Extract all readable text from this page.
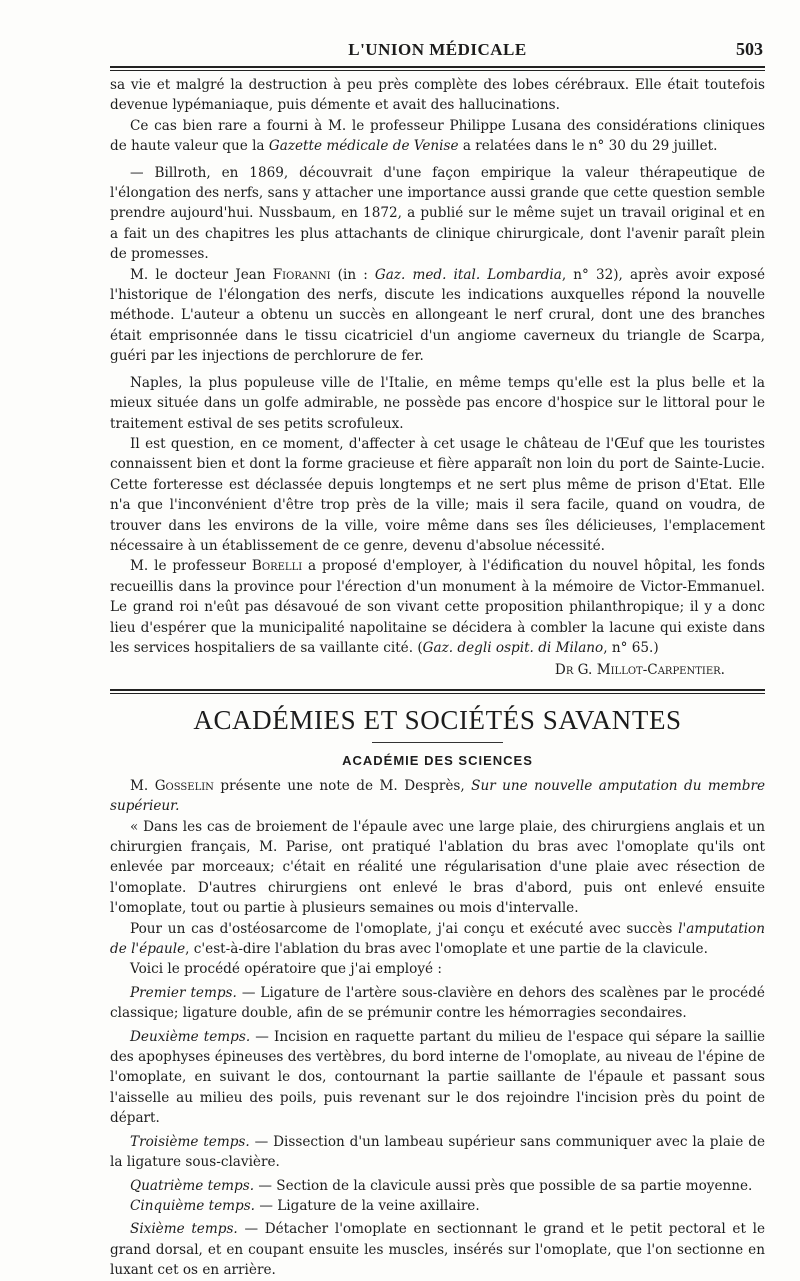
L'UNION MÉDICALE	503

sa vie et malgré la destruction à peu près complète des lobes cérébraux. Elle était toutefois devenue lypémaniaque, puis démente et avait des hallucinations.

Ce cas bien rare a fourni à M. le professeur Philippe Lusana des considérations cliniques de haute valeur que la Gazette médicale de Venise a relatées dans le n° 30 du 29 juillet.

— Billroth, en 1869, découvrait d'une façon empirique la valeur thérapeutique de l'élongation des nerfs, sans y attacher une importance aussi grande que cette question semble prendre aujourd'hui. Nussbaum, en 1872, a publié sur le même sujet un travail original et en a fait un des chapitres les plus attachants de clinique chirurgicale, dont l'avenir paraît plein de promesses.

M. le docteur Jean Fioranni (in : Gaz. med. ital. Lombardia, n° 32), après avoir exposé l'historique de l'élongation des nerfs, discute les indications auxquelles répond la nouvelle méthode. L'auteur a obtenu un succès en allongeant le nerf crural, dont une des branches était emprisonnée dans le tissu cicatriciel d'un angiome caverneux du triangle de Scarpa, guéri par les injections de perchlorure de fer.

Naples, la plus populeuse ville de l'Italie, en même temps qu'elle est la plus belle et la mieux située dans un golfe admirable, ne possède pas encore d'hospice sur le littoral pour le traitement estival de ses petits scrofuleux.

Il est question, en ce moment, d'affecter à cet usage le château de l'Œuf que les touristes connaissent bien et dont la forme gracieuse et fière apparaît non loin du port de Sainte-Lucie. Cette forteresse est déclassée depuis longtemps et ne sert plus même de prison d'Etat. Elle n'a que l'inconvénient d'être trop près de la ville; mais il sera facile, quand on voudra, de trouver dans les environs de la ville, voire même dans ses îles délicieuses, l'emplacement nécessaire à un établissement de ce genre, devenu d'absolue nécessité.

M. le professeur Borelli a proposé d'employer, à l'édification du nouvel hôpital, les fonds recueillis dans la province pour l'érection d'un monument à la mémoire de Victor-Emmanuel. Le grand roi n'eût pas désavoué de son vivant cette proposition philanthropique; il y a donc lieu d'espérer que la municipalité napolitaine se décidera à combler la lacune qui existe dans les services hospitaliers de sa vaillante cité. (Gaz. degli ospit. di Milano, n° 65.)

Dr G. Millot-Carpentier.
ACADÉMIES ET SOCIÉTÉS SAVANTES
ACADÉMIE DES SCIENCES

M. Gosselin présente une note de M. Desprès, Sur une nouvelle amputation du membre supérieur.

« Dans les cas de broiement de l'épaule avec une large plaie, des chirurgiens anglais et un chirurgien français, M. Parise, ont pratiqué l'ablation du bras avec l'omoplate qu'ils ont enlevée par morceaux; c'était en réalité une régularisation d'une plaie avec résection de l'omoplate. D'autres chirurgiens ont enlevé le bras d'abord, puis ont enlevé ensuite l'omoplate, tout ou partie à plusieurs semaines ou mois d'intervalle.

Pour un cas d'ostéosarcome de l'omoplate, j'ai conçu et exécuté avec succès l'amputation de l'épaule, c'est-à-dire l'ablation du bras avec l'omoplate et une partie de la clavicule.

Voici le procédé opératoire que j'ai employé :

Premier temps. — Ligature de l'artère sous-clavière en dehors des scalènes par le procédé classique; ligature double, afin de se prémunir contre les hémorragies secondaires.

Deuxième temps. — Incision en raquette partant du milieu de l'espace qui sépare la saillie des apophyses épineuses des vertèbres, du bord interne de l'omoplate, au niveau de l'épine de l'omoplate, en suivant le dos, contournant la partie saillante de l'épaule et passant sous l'aisselle au milieu des poils, puis revenant sur le dos rejoindre l'incision près du point de départ.

Troisième temps. — Dissection d'un lambeau supérieur sans communiquer avec la plaie de la ligature sous-clavière.

Quatrième temps. — Section de la clavicule aussi près que possible de sa partie moyenne.

Cinquième temps. — Ligature de la veine axillaire.

Sixième temps. — Détacher l'omoplate en sectionnant le grand et le petit pectoral et le grand dorsal, et en coupant ensuite les muscles, insérés sur l'omoplate, que l'on sectionne en luxant cet os en arrière.
